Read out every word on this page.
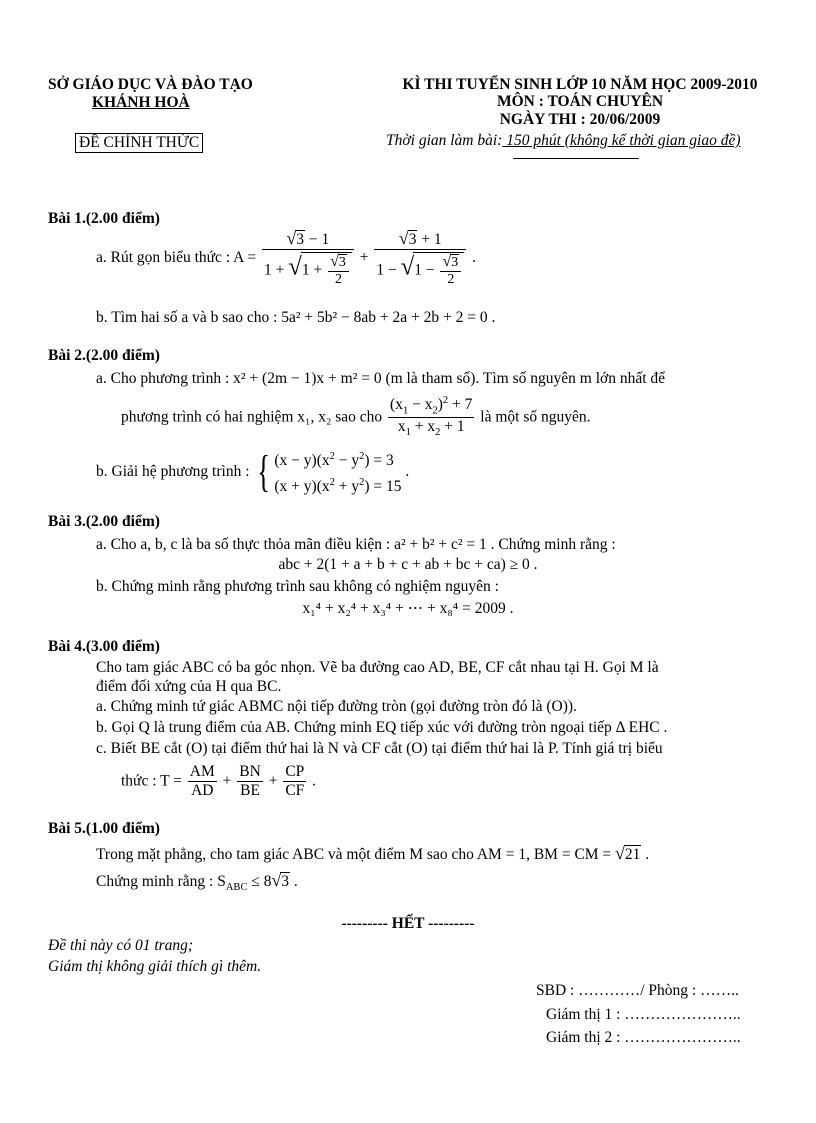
SỞ GIÁO DỤC VÀ ĐÀO TẠO
KHÁNH HOÀ
ĐỀ CHÍNH THỨC
KÌ THI TUYỂN SINH LỚP 10 NĂM HỌC 2009-2010
MÔN : TOÁN CHUYÊN
NGÀY THI : 20/06/2009
Thời gian làm bài: 150 phút (không kể thời gian giao đề)
Bài 1.(2.00 điểm)
a. Rút gọn biểu thức : $A = \frac{√3 - 1}{1 + √1 + \frac{√3}{2}} + \frac{√3 + 1}{1 - √1 - \frac{√3}{2}}$ .
b. Tìm hai số a và b sao cho : 5a² + 5b² − 8ab + 2a + 2b + 2 = 0 .
Bài 2.(2.00 điểm)
a. Cho phương trình : x² + (2m − 1)x + m² = 0 (m là tham số). Tìm số nguyên m lớn nhất để
phương trình có hai nghiệm x₁, x₂ sao cho $\frac{(x_1 - x_2)^2 + 7}{x_1 + x_2 + 1}$ là một số nguyên.
b. Giải hệ phương trình : { $(x - y)(x^2 - y^2) = 3$
$(x + y)(x^2 + y^2) = 15$
.
Bài 3.(2.00 điểm)
a. Cho a, b, c là ba số thực thỏa mãn điều kiện : a² + b² + c² = 1 . Chứng minh rằng :
abc + 2(1 + a + b + c + ab + bc + ca) ≥ 0 .
b. Chứng minh rằng phương trình sau không có nghiệm nguyên :
x₁⁴ + x₂⁴ + x₃⁴ + ⋯ + x₈⁴ = 2009 .
Bài 4.(3.00 điểm)
Cho tam giác ABC có ba góc nhọn. Vẽ ba đường cao AD, BE, CF cắt nhau tại H. Gọi M là
điểm đối xứng của H qua BC.
a. Chứng minh tứ giác ABMC nội tiếp đường tròn (gọi đường tròn đó là (O)).
b. Gọi Q là trung điểm của AB. Chứng minh EQ tiếp xúc với đường tròn ngoại tiếp Δ EHC .
c. Biết BE cắt (O) tại điểm thứ hai là N và CF cắt (O) tại điểm thứ hai là P. Tính giá trị biểu
thức : $T = \frac{AM}{AD} + \frac{BN}{BE} + \frac{CP}{CF}$ .
Bài 5.(1.00 điểm)
Trong mặt phẳng, cho tam giác ABC và một điểm M sao cho AM = 1, BM = CM = √21 .
Chứng minh rằng : $S_{ABC} \le 8√3$ .
--------- HẾT ---------
Đề thi này có 01 trang;
Giám thị không giải thích gì thêm.
SBD : …………/ Phòng : ……..
Giám thị 1 : …………………..
Giám thị 2 : …………………..
